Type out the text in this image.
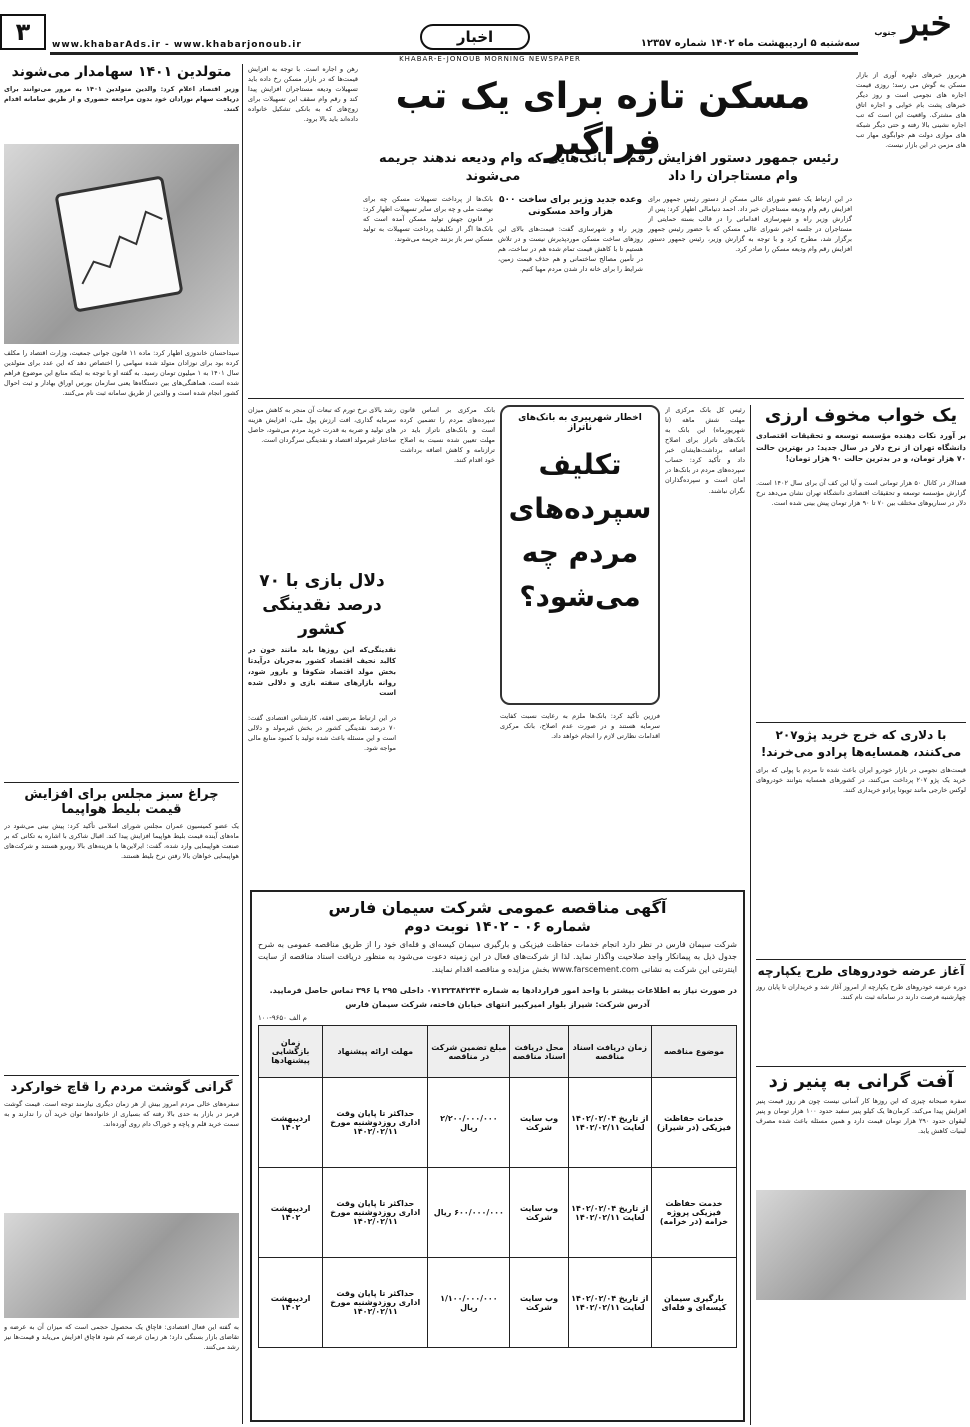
۳ www.khabarAds.ir - www.khabarjonoub.ir	اخبار	سه‌شنبه ۵ اردیبهشت ماه ۱۴۰۲ شماره ۱۲۳۵۷	خبر جنوب
KHABAR-E-JONOUB MORNING NEWSPAPER
متولدین ۱۴۰۱ سهامدار می‌شوند
وزیر اقتصاد اعلام کرد: والدین متولدین ۱۴۰۱ به مرور می‌توانند برای دریافت سهام نوزادان خود بدون مراجعه حضوری و از طریق سامانه اقدام کنند.
سیداحسان خاندوزی اظهار کرد: ماده ۱۱ قانون جوانی جمعیت، وزارت اقتصاد را مکلف کرده بود برای نوزادان متولد شده سهامی را اختصاص دهد که این عدد برای متولدین سال ۱۴۰۱ به ۱ میلیون تومان رسید. به گفته او با توجه به اینکه منابع این موضوع فراهم شده است، هماهنگی‌های بین دستگاه‌ها یعنی سازمان بورس اوراق بهادار و ثبت احوال کشور انجام شده است و والدین از طریق سامانه ثبت نام می‌کنند.
چراغ سبز مجلس برای افزایش قیمت بلیط هواپیما
یک عضو کمیسیون عمران مجلس شورای اسلامی تأکید کرد: پیش بینی می‌شود در ماه‌های آینده قیمت بلیط هواپیما افزایش پیدا کند. اقبال شاکری با اشاره به تکانی که بر صنعت هواپیمایی وارد شده، گفت: ایرلاین‌ها با هزینه‌های بالا روبرو هستند و شرکت‌های هواپیمایی خواهان بالا رفتن نرخ بلیط هستند.
گرانی گوشت مردم را قاچ خوارکرد
سفره‌های خالی مردم امروز بیش از هر زمان دیگری نیازمند توجه است. قیمت گوشت قرمز در بازار به حدی بالا رفته که بسیاری از خانواده‌ها توان خرید آن را ندارند و به سمت خرید قلم و پاچه و خوراک دام روی آورده‌اند.
به گفته این فعال اقتصادی: قاچاق یک محصول حجمی است که میزان آن به عرضه و تقاضای بازار بستگی دارد؛ هر زمان عرضه کم شود قاچاق افزایش می‌یابد و قیمت‌ها نیز رشد می‌کنند.
رهن و اجاره است. با توجه به افزایش قیمت‌ها که در بازار مسکن رخ داده باید تسهیلات ودیعه مستاجران افزایش پیدا کند و رقم وام سقف این تسهیلات برای زوج‌های که به بانکی تشکیل خانواده داده‌اند باید بالا برود.
مسکن تازه برای یک تب فراگیر
رئیس جمهور دستور افزایش رقم وام مستاجران را داد
بانک‌هایی که وام ودیعه ندهند جریمه می‌شوند
در این ارتباط یک عضو شورای عالی مسکن از دستور رئیس جمهور برای افزایش رقم وام ودیعه مستاجران خبر داد. احمد دنیامالی اظهار کرد: پس از گزارش وزیر راه و شهرسازی اقداماتی را در قالب بسته حمایتی از مستاجران در جلسه اخیر شورای عالی مسکن که با حضور رئیس جمهور برگزار شد، مطرح کرد و با توجه به گزارش وزیر، رئیس جمهور دستور افزایش رقم وام ودیعه مسکن را صادر کرد.
وعده جدید وزیر برای ساخت ۵۰۰ هزار واحد مسکونی
وزیر راه و شهرسازی گفت: قیمت‌های بالای این روزهای ساخت مسکن موردپذیرش نیست و در تلاش هستیم تا با کاهش قیمت تمام شده هم در ساخت، هم در تأمین مصالح ساختمانی و هم حذف قیمت زمین، شرایط را برای خانه دار شدن مردم مهیا کنیم.
بانک‌ها از پرداخت تسهیلات مسکن چه برای نهضت ملی و چه برای سایر تسهیلات اظهار کرد: در قانون جهش تولید مسکن آمده است که بانک‌ها اگر از تکلیف پرداخت تسهیلات به تولید مسکن سر باز بزنند جریمه می‌شوند.
هربروز خبرهای دلهره آوری از بازار مسکن به گوش می رسد؛ روزی قیمت اجاره های نجومی است و روز دیگر خبرهای پشت بام خوابی و اجاره اتاق های مشترک. واقعیت این است که تب اجاره نشینی بالا رفته و حتی دیگر شبکه های موازی دولت هم جوابگوی مهار تب های مزمن در این بازار نیست.
یک خواب مخوف ارزی
بر آورد نکات دهنده مؤسسه توسعه و تحقیقات اقتصادی دانشگاه تهران از نرخ دلار در سال جدید: در بهترین حالت ۷۰ هزار تومان، و در بدترین حالت ۹۰ هزار تومان!
قعدالار در کانال ۵۰ هزار تومانی است و آیا این کف آن برای سال ۱۴۰۲ است. گزارش مؤسسه توسعه و تحقیقات اقتصادی دانشگاه تهران نشان می‌دهد نرخ دلار در سناریوهای مختلف بین ۷۰ تا ۹۰ هزار تومان پیش بینی شده است.
با دلاری که خرج خرید پژو۲۰۷ می‌کنند، همسایه‌ها پرادو می‌خرند!
قیمت‌های نجومی در بازار خودرو ایران باعث شده تا مردم با پولی که برای خرید یک پژو ۲۰۷ پرداخت می‌کنند، در کشورهای همسایه بتوانند خودروهای لوکس خارجی مانند تویوتا پرادو خریداری کنند.
آغاز عرضه خودروهای طرح یکپارچه
دوره عرضه خودروهای طرح یکپارچه از امروز آغاز شد و خریداران تا پایان روز چهارشنبه فرصت دارند در سامانه ثبت نام کنند.
آفت گرانی به پنیر زد
سفره صبحانه چیزی که این روزها کار آسانی نیست چون هر روز قیمت پنیر افزایش پیدا می‌کند. کرمان‌ها یک کیلو پنیر سفید حدود ۱۰۰ هزار تومان و پنیر لیقوان حدود ۲۹۰ هزار تومان قیمت دارد و همین مسئله باعث شده مصرف لبنیات کاهش یابد.
رئیس کل بانک مرکزی از مهلت شش ماهه (تا شهریورماه) این بانک به بانک‌های ناتراز برای اصلاح اضافه برداشت‌هایشان خبر داد و تأکید کرد: حساب سپرده‌های مردم در بانک‌ها در امان است و سپرده‌گذاران نگران نباشند.
اخطار شهرپیری به بانک‌های ناتراز
تکلیف سپرده‌های مردم چه می‌شود؟
فرزین تأکید کرد: بانک‌ها ملزم به رعایت نسبت کفایت سرمایه هستند و در صورت عدم اصلاح، بانک مرکزی اقدامات نظارتی لازم را انجام خواهد داد.
بانک مرکزی بر اساس قانون سپرده‌های مردم را تضمین کرده است و بانک‌های ناتراز باید در مهلت تعیین شده نسبت به اصلاح ترازنامه و کاهش اضافه برداشت خود اقدام کنند.
رشد بالای نرخ تورم که تبعات آن منجر به کاهش میزان سرمایه گذاری، افت ارزش پول ملی، افزایش هزینه های تولید و ضربه به قدرت خرید مردم می‌شود، حاصل ساختار غیرمولد اقتصاد و نقدینگی سرگردان است.
دلال بازی با ۷۰ درصد نقدینگی کشور
نقدینگی‌که این روزها باید مانند خون در کالبد نحیف اقتصاد کشور به‌جریان درآیدتا بخش مولد اقتصاد شکوفا و بارور شود، روانه بازارهای سفته بازی و دلالی شده است
در این ارتباط مرتضی افقه، کارشناس اقتصادی گفت: ۷۰ درصد نقدینگی کشور در بخش غیرمولد و دلالی است و این مسئله باعث شده تولید با کمبود منابع مالی مواجه شود.
آگهی مناقصه عمومی شرکت سیمان فارس
شماره ۰۶ - ۱۴۰۲ نوبت دوم
شرکت سیمان فارس در نظر دارد انجام خدمات حفاظت فیزیکی و بارگیری سیمان کیسه‌ای و فله‌ای خود را از طریق مناقصه عمومی به شرح جدول ذیل به پیمانکار واجد صلاحیت واگذار نماید. لذا از شرکت‌های فعال در این زمینه دعوت می‌شود به منظور دریافت اسناد مناقصه از سایت اینترنتی این شرکت به نشانی www.farscement.com بخش مزایده و مناقصه اقدام نمایند.
در صورت نیاز به اطلاعات بیشتر با واحد امور قراردادها به شماره ۰۷۱۳۲۳۸۴۲۴۴ داخلی ۲۹۵ یا ۳۹۶ تماس حاصل فرمایید.
آدرس شرکت: شیراز بلوار امیرکبیر انتهای خیابان فاخته، شرکت سیمان فارس
م الف ۹۶۵۰-۱۰۰
موضوع مناقصه	زمان دریافت اسناد مناقصه	محل دریافت اسناد مناقصه	مبلغ تضمین شرکت در مناقصه	مهلت ارائه پیشنهاد	زمان بازگشایی پیشنهادها
خدمات حفاظت فیزیکی (در شیراز)	از تاریخ ۱۴۰۲/۰۲/۰۴ لغایت ۱۴۰۲/۰۲/۱۱	وب سایت شرکت	۲/۲۰۰/۰۰۰/۰۰۰ ریال	حداکثر تا پایان وقت اداری روزدوشنبه مورخ ۱۴۰۲/۰۲/۱۱	اردیبهشت ۱۴۰۲
خدمت حفاظت فیزیکی پروژه خرامه (در خرامه)	از تاریخ ۱۴۰۲/۰۲/۰۴ لغایت ۱۴۰۲/۰۲/۱۱	وب سایت شرکت	۶۰۰/۰۰۰/۰۰۰ ریال	حداکثر تا پایان وقت اداری روزدوشنبه مورخ ۱۴۰۲/۰۲/۱۱	اردیبهشت ۱۴۰۲
بارگیری سیمان کیسه‌ای و فله‌ای	از تاریخ ۱۴۰۲/۰۲/۰۴ لغایت ۱۴۰۲/۰۲/۱۱	وب سایت شرکت	۱/۱۰۰/۰۰۰/۰۰۰ ریال	حداکثر تا پایان وقت اداری روزدوشنبه مورخ ۱۴۰۲/۰۲/۱۱	اردیبهشت ۱۴۰۲
